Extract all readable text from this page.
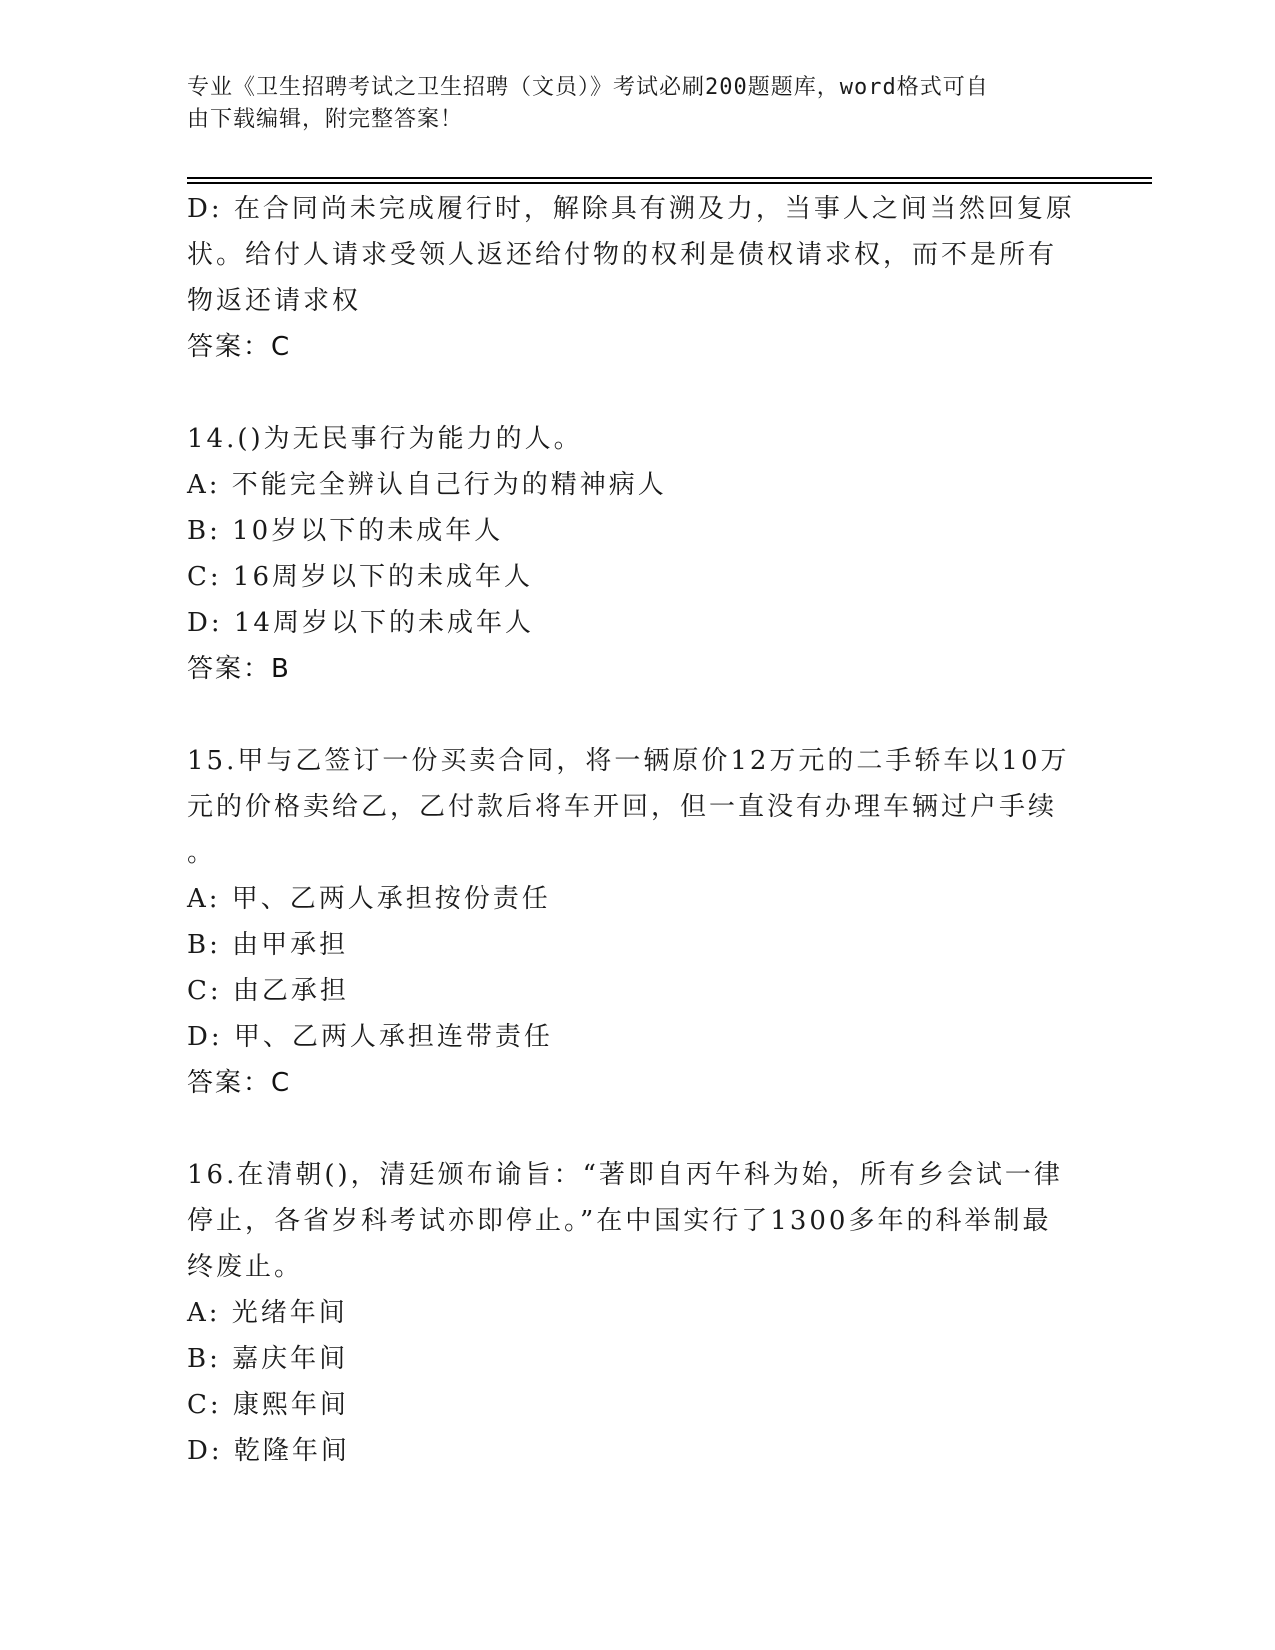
专业《卫生招聘考试之卫生招聘（文员）》考试必刷200题题库，word格式可自
由下载编辑，附完整答案！

D: 在合同尚未完成履行时，解除具有溯及力，当事人之间当然回复原

状。给付人请求受领人返还给付物的权利是债权请求权，而不是所有

物返还请求权

答案：C

14.()为无民事行为能力的人。

A: 不能完全辨认自己行为的精神病人

B: 10岁以下的未成年人

C: 16周岁以下的未成年人

D: 14周岁以下的未成年人

答案：B

15.甲与乙签订一份买卖合同，将一辆原价12万元的二手轿车以10万

元的价格卖给乙，乙付款后将车开回，但一直没有办理车辆过户手续

。

A: 甲、乙两人承担按份责任

B: 由甲承担

C: 由乙承担

D: 甲、乙两人承担连带责任

答案：C

16.在清朝()，清廷颁布谕旨：“著即自丙午科为始，所有乡会试一律

停止，各省岁科考试亦即停止。”在中国实行了1300多年的科举制最

终废止。

A: 光绪年间

B: 嘉庆年间

C: 康熙年间

D: 乾隆年间
